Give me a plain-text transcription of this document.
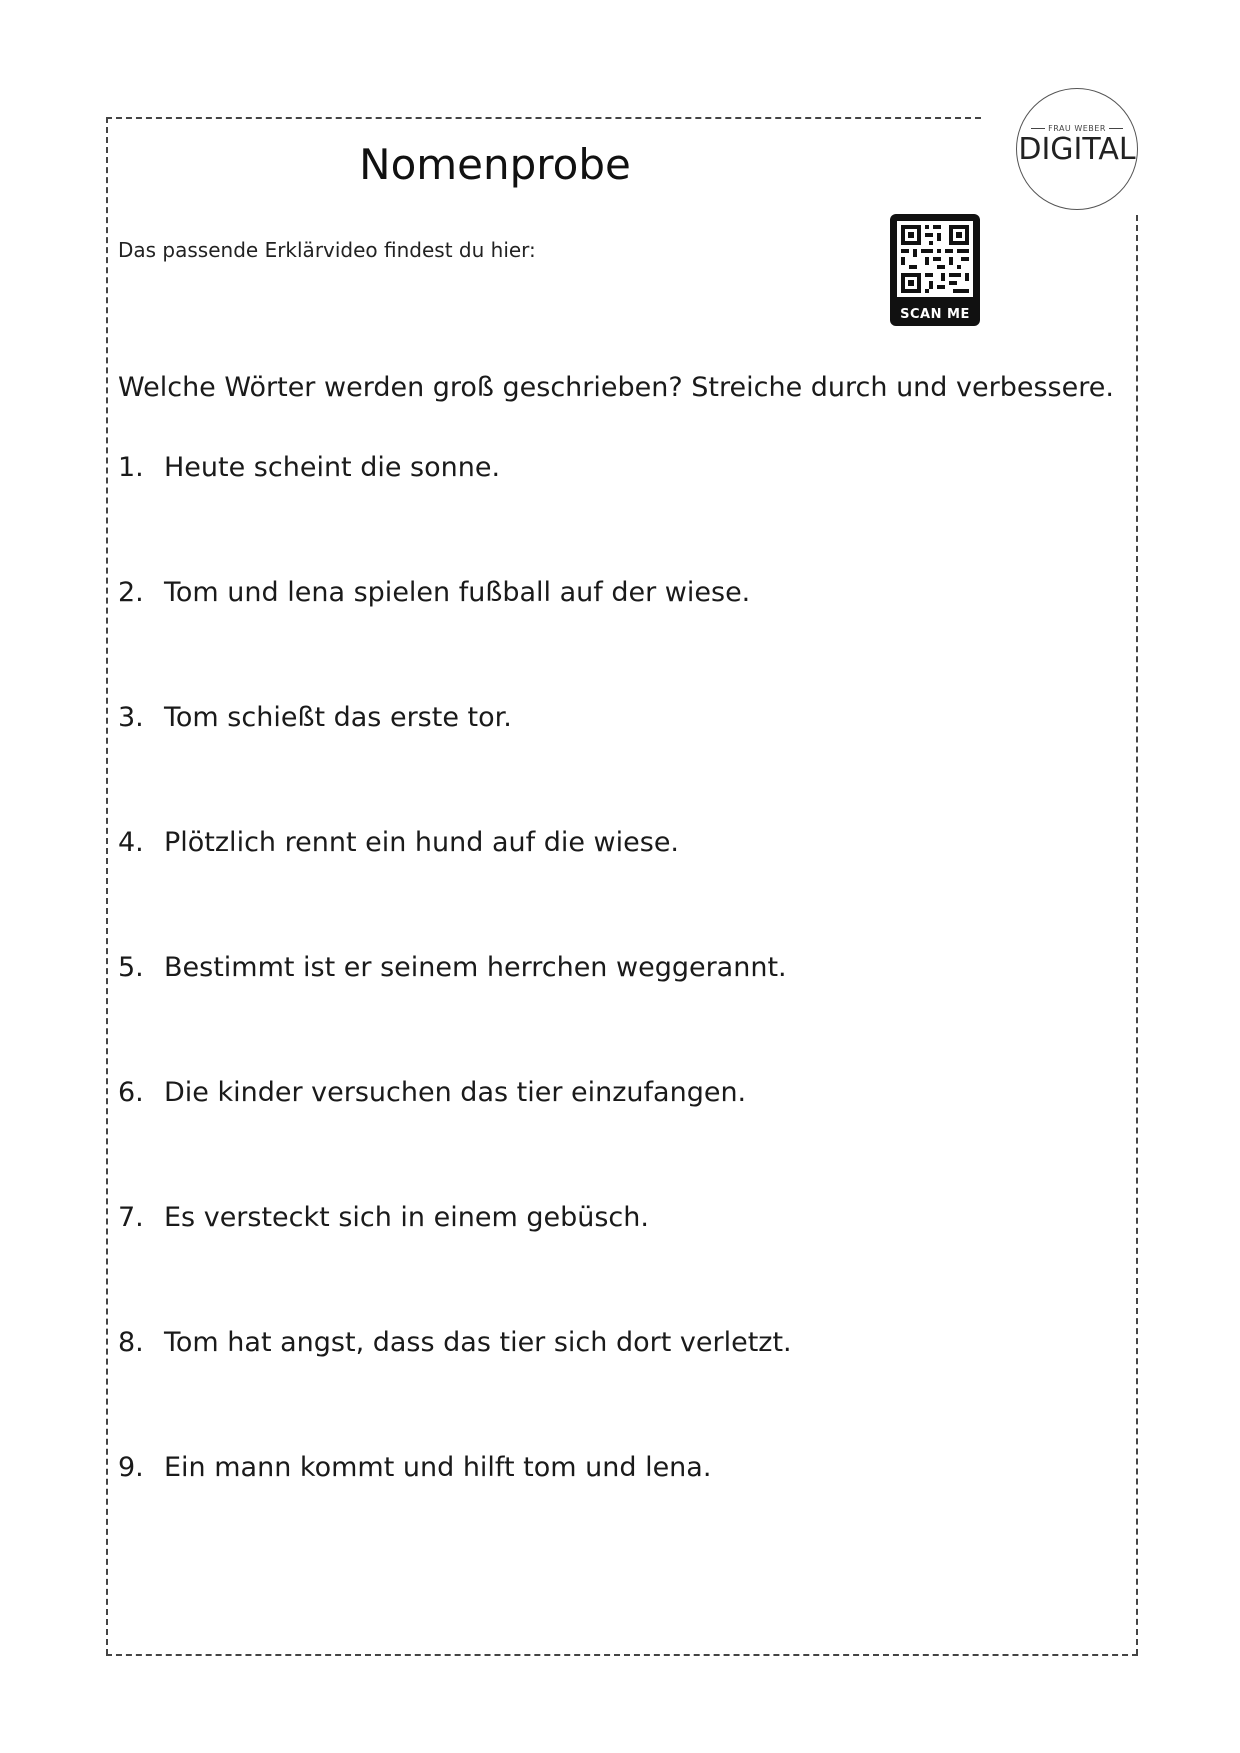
FRAU WEBER
DIGITAL
Nomenprobe
Das passende Erklärvideo findest du hier:
SCAN ME
Welche Wörter werden groß geschrieben? Streiche durch und verbessere.
1. Heute scheint die sonne.
2. Tom und lena spielen fußball auf der wiese.
3. Tom schießt das erste tor.
4. Plötzlich rennt ein hund auf die wiese.
5. Bestimmt ist er seinem herrchen weggerannt.
6. Die kinder versuchen das tier einzufangen.
7. Es versteckt sich in einem gebüsch.
8. Tom hat angst, dass das tier sich dort verletzt.
9. Ein mann kommt und hilft tom und lena.
